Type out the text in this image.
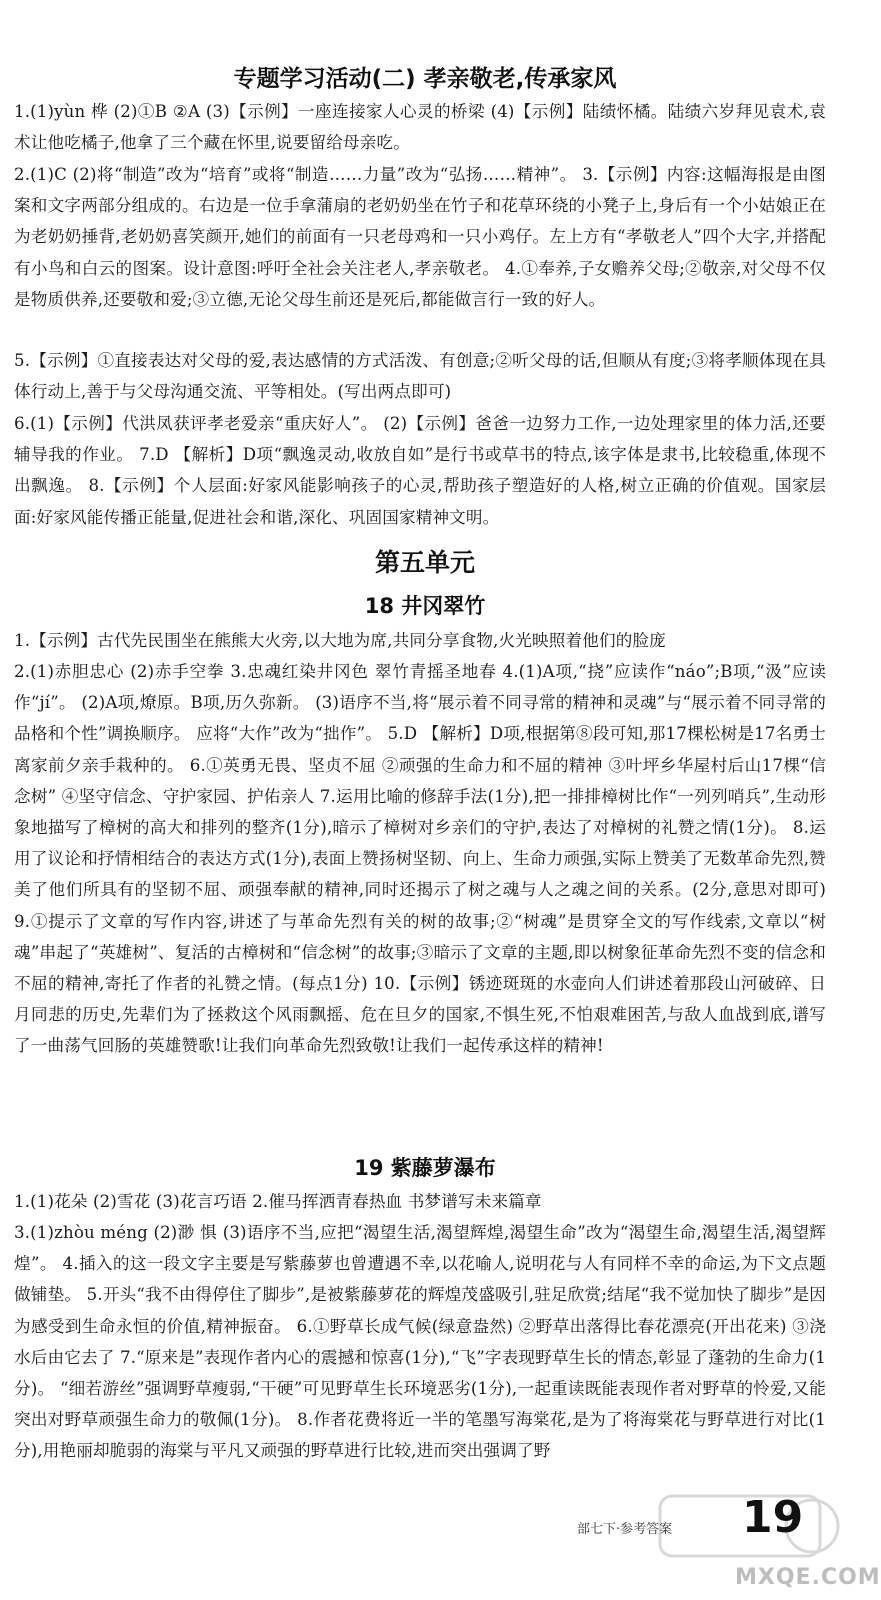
专题学习活动(二) 孝亲敬老,传承家风
1.(1)yùn 桦 (2)①B ②A (3)【示例】一座连接家人心灵的桥梁 (4)【示例】陆绩怀橘。陆绩六岁拜见袁术,袁术让他吃橘子,他拿了三个藏在怀里,说要留给母亲吃。
2.(1)C (2)将“制造”改为“培育”或将“制造……力量”改为“弘扬……精神”。 3.【示例】内容:这幅海报是由图案和文字两部分组成的。右边是一位手拿蒲扇的老奶奶坐在竹子和花草环绕的小凳子上,身后有一个小姑娘正在为老奶奶捶背,老奶奶喜笑颜开,她们的前面有一只老母鸡和一只小鸡仔。左上方有“孝敬老人”四个大字,并搭配有小鸟和白云的图案。设计意图:呼吁全社会关注老人,孝亲敬老。 4.①奉养,子女赡养父母;②敬亲,对父母不仅是物质供养,还要敬和爱;③立德,无论父母生前还是死后,都能做言行一致的好人。
5.【示例】①直接表达对父母的爱,表达感情的方式活泼、有创意;②听父母的话,但顺从有度;③将孝顺体现在具体行动上,善于与父母沟通交流、平等相处。(写出两点即可)
6.(1)【示例】代洪凤获评孝老爱亲“重庆好人”。 (2)【示例】爸爸一边努力工作,一边处理家里的体力活,还要辅导我的作业。 7.D 【解析】D项“飘逸灵动,收放自如”是行书或草书的特点,该字体是隶书,比较稳重,体现不出飘逸。 8.【示例】个人层面:好家风能影响孩子的心灵,帮助孩子塑造好的人格,树立正确的价值观。国家层面:好家风能传播正能量,促进社会和谐,深化、巩固国家精神文明。
第五单元
18 井冈翠竹
1.【示例】古代先民围坐在熊熊大火旁,以大地为席,共同分享食物,火光映照着他们的脸庞
2.(1)赤胆忠心 (2)赤手空拳 3.忠魂红染井冈色 翠竹青摇圣地春 4.(1)A项,“挠”应读作“náo”;B项,“汲”应读作“jí”。 (2)A项,燎原。B项,历久弥新。 (3)语序不当,将“展示着不同寻常的精神和灵魂”与“展示着不同寻常的品格和个性”调换顺序。 应将“大作”改为“拙作”。 5.D 【解析】D项,根据第⑧段可知,那17棵松树是17名勇士离家前夕亲手栽种的。 6.①英勇无畏、坚贞不屈 ②顽强的生命力和不屈的精神 ③叶坪乡华屋村后山17棵“信念树” ④坚守信念、守护家园、护佑亲人 7.运用比喻的修辞手法(1分),把一排排樟树比作“一列列哨兵”,生动形象地描写了樟树的高大和排列的整齐(1分),暗示了樟树对乡亲们的守护,表达了对樟树的礼赞之情(1分)。 8.运用了议论和抒情相结合的表达方式(1分),表面上赞扬树坚韧、向上、生命力顽强,实际上赞美了无数革命先烈,赞美了他们所具有的坚韧不屈、顽强奉献的精神,同时还揭示了树之魂与人之魂之间的关系。(2分,意思对即可) 9.①提示了文章的写作内容,讲述了与革命先烈有关的树的故事;②“树魂”是贯穿全文的写作线索,文章以“树魂”串起了“英雄树”、复活的古樟树和“信念树”的故事;③暗示了文章的主题,即以树象征革命先烈不变的信念和不屈的精神,寄托了作者的礼赞之情。(每点1分) 10.【示例】锈迹斑斑的水壶向人们讲述着那段山河破碎、日月同悲的历史,先辈们为了拯救这个风雨飘摇、危在旦夕的国家,不惧生死,不怕艰难困苦,与敌人血战到底,谱写了一曲荡气回肠的英雄赞歌!让我们向革命先烈致敬!让我们一起传承这样的精神!
19 紫藤萝瀑布
1.(1)花朵 (2)雪花 (3)花言巧语 2.催马挥洒青春热血 书梦谱写未来篇章
3.(1)zhòu méng (2)渺 惧 (3)语序不当,应把“渴望生活,渴望辉煌,渴望生命”改为“渴望生命,渴望生活,渴望辉煌”。 4.插入的这一段文字主要是写紫藤萝也曾遭遇不幸,以花喻人,说明花与人有同样不幸的命运,为下文点题做铺垫。 5.开头“我不由得停住了脚步”,是被紫藤萝花的辉煌茂盛吸引,驻足欣赏;结尾“我不觉加快了脚步”是因为感受到生命永恒的价值,精神振奋。 6.①野草长成气候(绿意盎然) ②野草出落得比春花漂亮(开出花来) ③浇水后由它去了 7.“原来是”表现作者内心的震撼和惊喜(1分),“飞”字表现野草生长的情态,彰显了蓬勃的生命力(1分)。 “细若游丝”强调野草瘦弱,“干硬”可见野草生长环境恶劣(1分),一起重读既能表现作者对野草的怜爱,又能突出对野草顽强生命力的敬佩(1分)。 8.作者花费将近一半的笔墨写海棠花,是为了将海棠花与野草进行对比(1分),用艳丽却脆弱的海棠与平凡又顽强的野草进行比较,进而突出强调了野
部七下·参考答案 19
MXQE.COM
